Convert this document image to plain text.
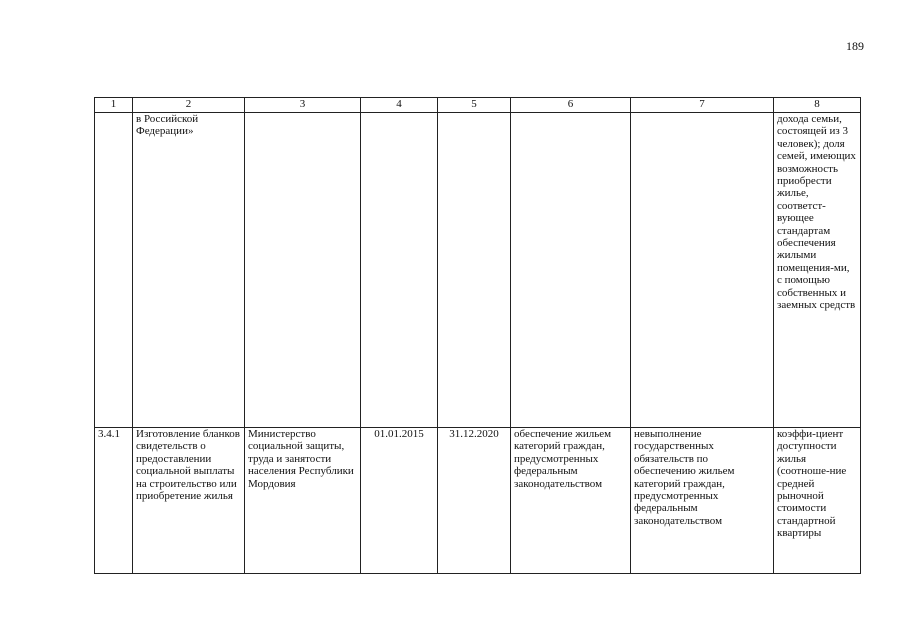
189
1	2	3	4	5	6	7	8
	в Российской Федерации»						дохода семьи, состоящей из 3 человек); доля семей, имеющих возможность приобрести жилье, соответст-вующее стандартам обеспечения жилыми помещения-ми, с помощью собственных и заемных средств
3.4.1	Изготовление бланков свидетельств о предоставлении социальной выплаты на строительство или приобретение жилья	Министерство социальной защиты, труда и занятости населения Республики Мордовия	01.01.2015	31.12.2020	обеспечение жильем категорий граждан, предусмотренных федеральным законодательством	невыполнение государственных обязательств по обеспечению жильем категорий граждан, предусмотренных федеральным законодательством	коэффи-циент доступности жилья (соотноше-ние средней рыночной стоимости стандартной квартиры
